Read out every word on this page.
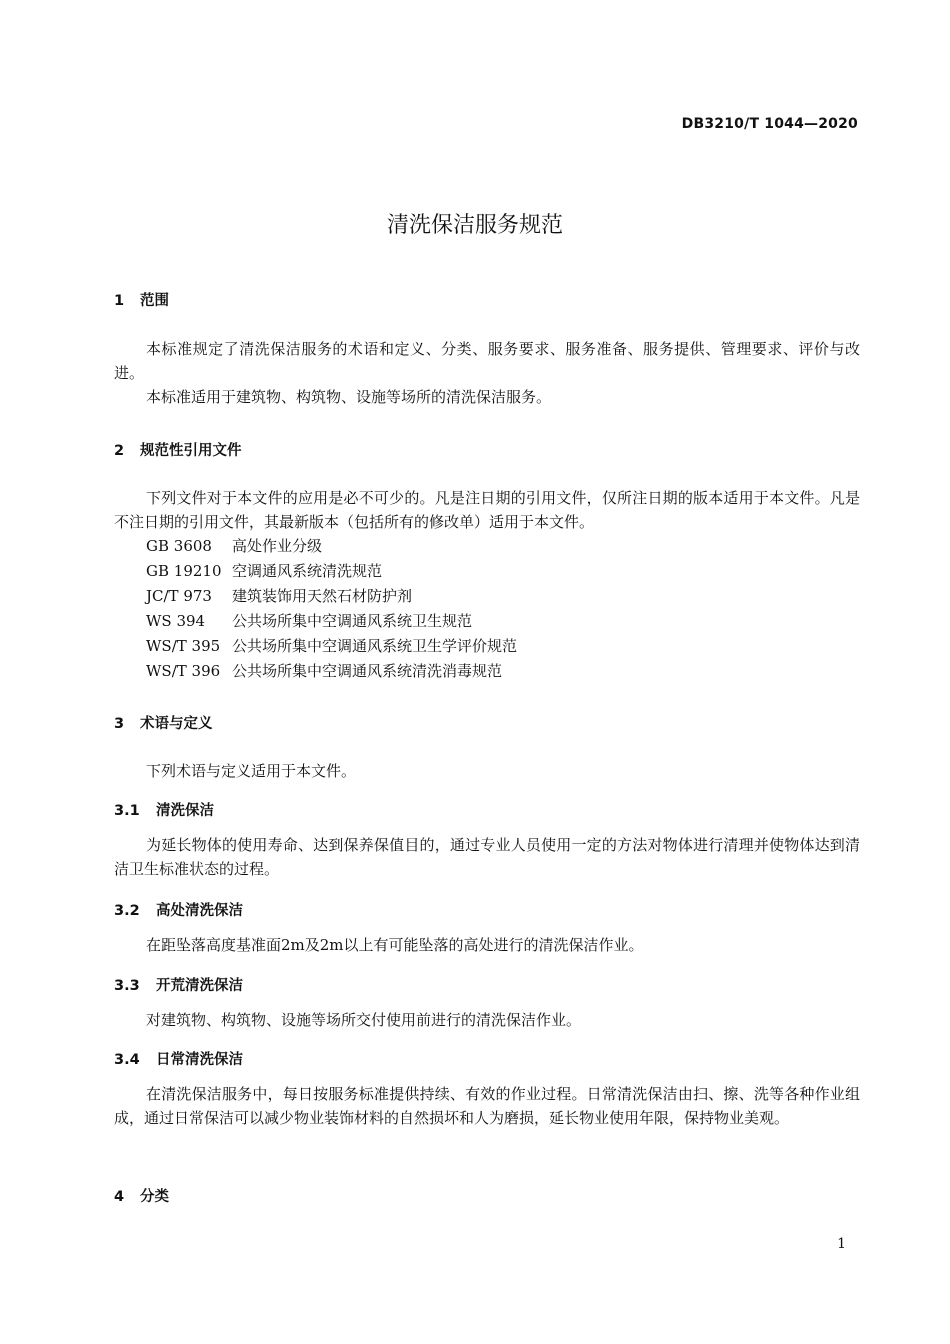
DB3210/T 1044—2020
清洗保洁服务规范
1 范围
本标准规定了清洗保洁服务的术语和定义、分类、服务要求、服务准备、服务提供、管理要求、评价与改进。
本标准适用于建筑物、构筑物、设施等场所的清洗保洁服务。
2 规范性引用文件
下列文件对于本文件的应用是必不可少的。凡是注日期的引用文件，仅所注日期的版本适用于本文件。凡是不注日期的引用文件，其最新版本（包括所有的修改单）适用于本文件。
GB 3608 高处作业分级
GB 19210 空调通风系统清洗规范
JC/T 973 建筑装饰用天然石材防护剂
WS 394 公共场所集中空调通风系统卫生规范
WS/T 395 公共场所集中空调通风系统卫生学评价规范
WS/T 396 公共场所集中空调通风系统清洗消毒规范
3 术语与定义
下列术语与定义适用于本文件。
3.1 清洗保洁
为延长物体的使用寿命、达到保养保值目的，通过专业人员使用一定的方法对物体进行清理并使物体达到清洁卫生标准状态的过程。
3.2 高处清洗保洁
在距坠落高度基准面2m及2m以上有可能坠落的高处进行的清洗保洁作业。
3.3 开荒清洗保洁
对建筑物、构筑物、设施等场所交付使用前进行的清洗保洁作业。
3.4 日常清洗保洁
在清洗保洁服务中，每日按服务标准提供持续、有效的作业过程。日常清洗保洁由扫、擦、洗等各种作业组成，通过日常保洁可以减少物业装饰材料的自然损坏和人为磨损，延长物业使用年限，保持物业美观。
4 分类
1
